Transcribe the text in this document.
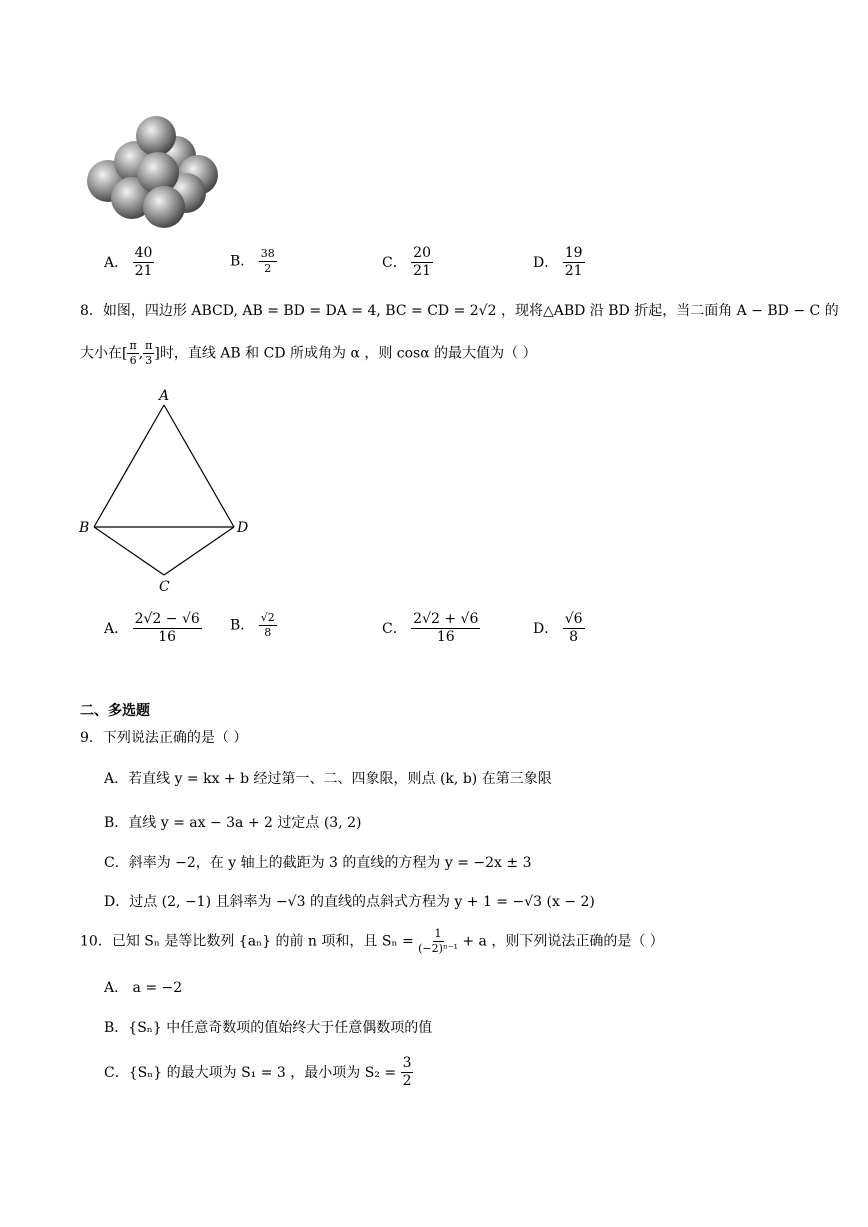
A． $\frac{40}{21}$	B． $\frac{38}{2}$	C． $\frac{20}{21}$	D． $\frac{19}{21}$
8．如图，四边形 ABCD, AB = BD = DA = 4, BC = CD = 2√2 ，现将△ABD 沿 BD 折起，当二面角 A − BD − C 的
大小在[ $\frac{\pi}{6}$ , $\frac{\pi}{3}$ ]时，直线 AB 和 CD 所成角为 α ，则 cosα 的最大值为（ ）
A
B	D
C
A． $\frac{2√2 - √6}{16}$ B． $\frac{√2}{8}$	C． $\frac{2√2 + √6}{16}$	D． $\frac{√6}{8}$
二、多选题
9．下列说法正确的是（ ）
A．若直线 y = kx + b 经过第一、二、四象限，则点 (k, b) 在第三象限
B．直线 y = ax − 3a + 2 过定点 (3, 2)
C．斜率为 −2，在 y 轴上的截距为 3 的直线的方程为 y = −2x ± 3
D．过点 (2, −1) 且斜率为 −√3 的直线的点斜式方程为 y + 1 = −√3 (x − 2)
10．已知 Sₙ 是等比数列 {aₙ} 的前 n 项和，且 $S_n = \frac{1}{\text{(−2)ⁿ⁻¹}} + a$ ，则下列说法正确的是（ ）
A． a = −2
B．{Sₙ} 中任意奇数项的值始终大于任意偶数项的值
C．{Sₙ} 的最大项为 S₁ = 3 ，最小项为 $S_2 = \frac{3}{2}$
